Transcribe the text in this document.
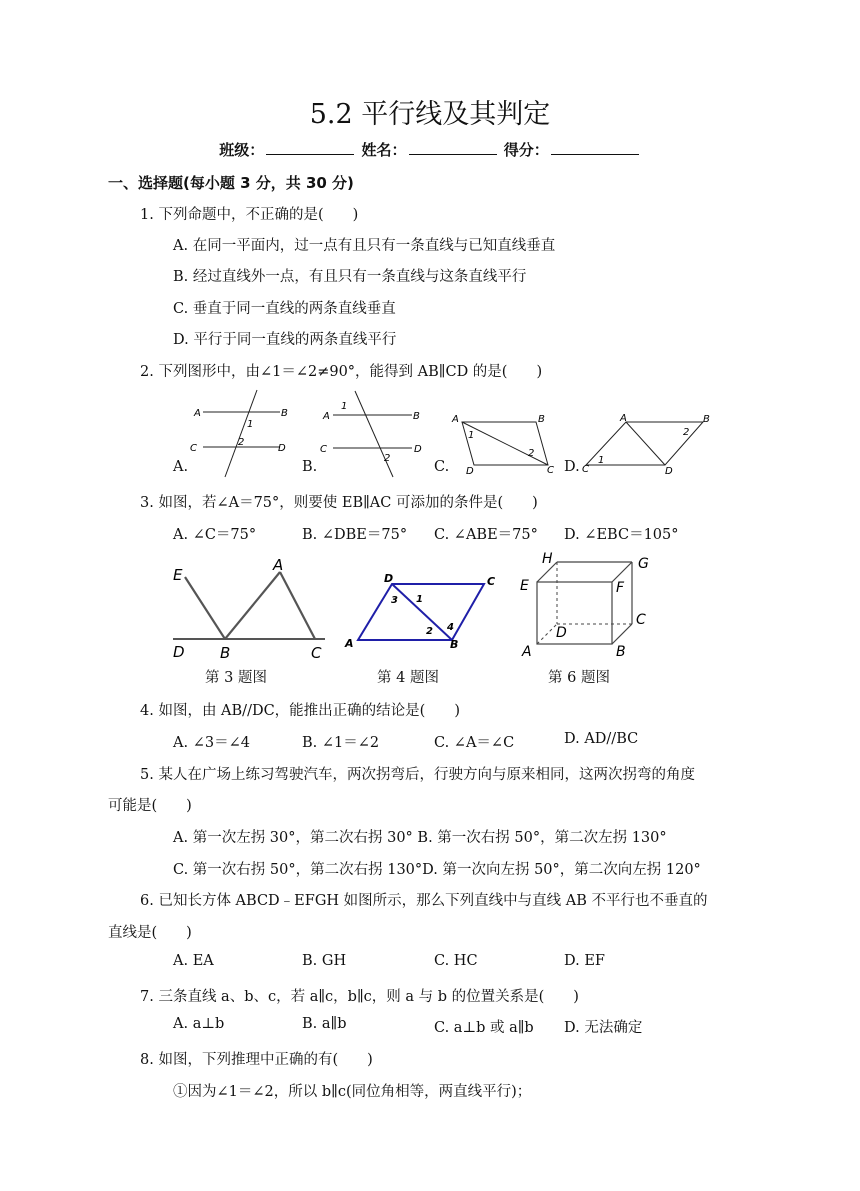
5.2 平行线及其判定
班级：	姓名：	得分：
一、选择题(每小题 3 分，共 30 分)
1. 下列命题中，不正确的是(　　)
A. 在同一平面内，过一点有且只有一条直线与已知直线垂直
B. 经过直线外一点，有且只有一条直线与这条直线平行
C. 垂直于同一直线的两条直线垂直
D. 平行于同一直线的两条直线平行
2. 下列图形中，由∠1＝∠2≠90°，能得到 AB∥CD 的是(　　)
A.	B.	C.	D.
A	B
C	D
1
2
A	B
C	D
1
2
A	B
C
D
1
2
A	B
C	D
1
2
3. 如图，若∠A＝75°，则要使 EB∥AC 可添加的条件是(　　)
A. ∠C＝75°	B. ∠DBE＝75° C. ∠ABE＝75° D. ∠EBC＝105°
E
A
D B	C
D	C
A	B
1
2
3
4
H	G
E	F
D
C
A	B
第 3 题图	第 4 题图	第 6 题图
4. 如图，由 AB//DC，能推出正确的结论是(　　)
A. ∠3＝∠4	B. ∠1＝∠2	C. ∠A＝∠C	D. AD//BC
5. 某人在广场上练习驾驶汽车，两次拐弯后，行驶方向与原来相同，这两次拐弯的角度
可能是(　　)
A. 第一次左拐 30°，第二次右拐 30° B. 第一次右拐 50°，第二次左拐 130°
C. 第一次右拐 50°，第二次右拐 130°D. 第一次向左拐 50°，第二次向左拐 120°
6. 已知长方体 ABCD﹣EFGH 如图所示，那么下列直线中与直线 AB 不平行也不垂直的
直线是(　　)
A. EA	B. GH	C. HC	D. EF
7. 三条直线 a、b、c，若 a∥c，b∥c，则 a 与 b 的位置关系是(　　)
A. a⊥b	B. a∥b	C. a⊥b 或 a∥b D. 无法确定
8. 如图，下列推理中正确的有(　　)
①因为∠1＝∠2，所以 b∥c(同位角相等，两直线平行)；
